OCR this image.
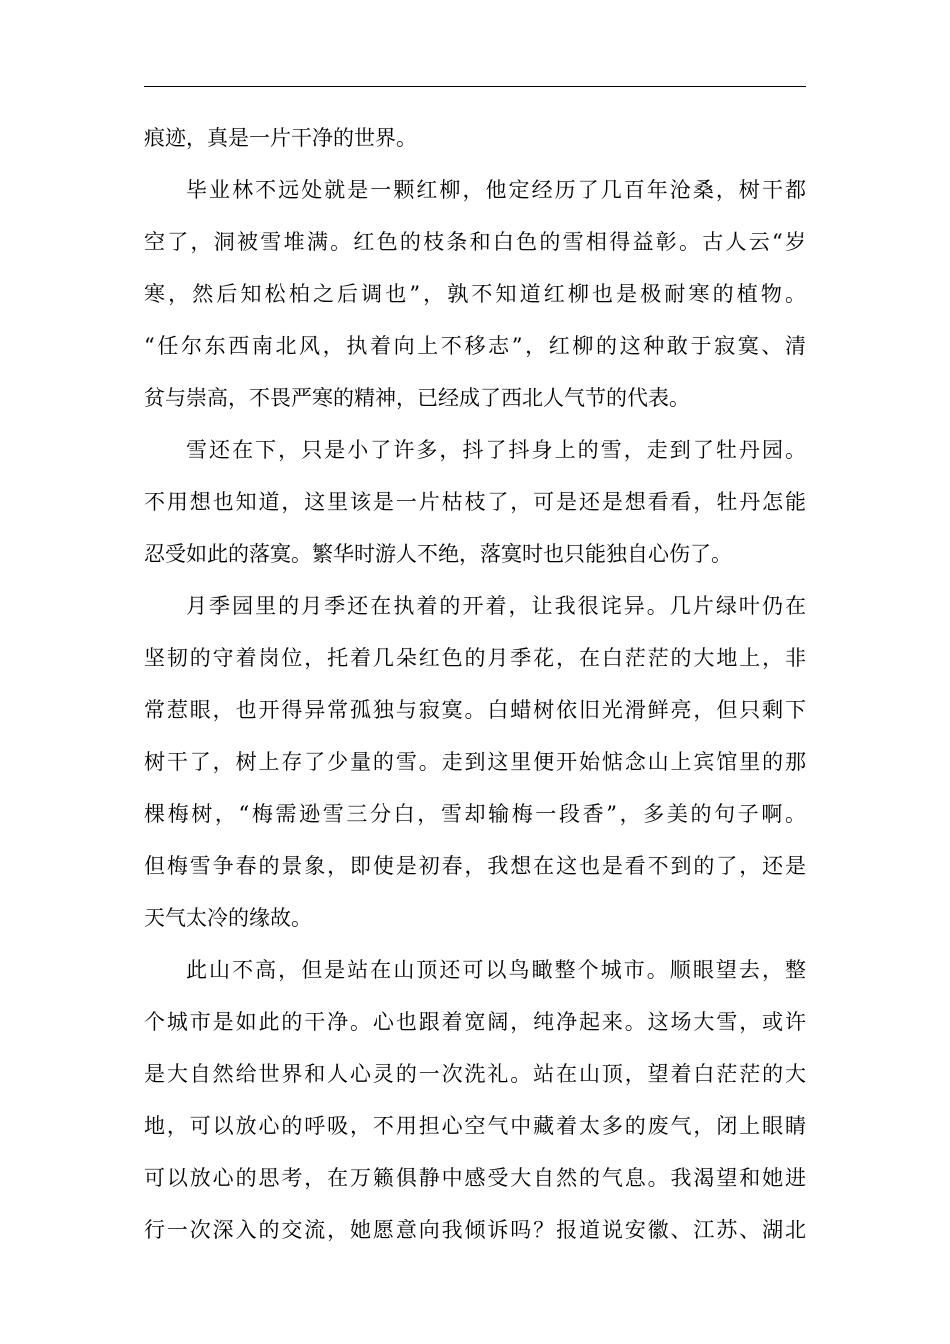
痕迹，真是一片干净的世界。
毕业林不远处就是一颗红柳，他定经历了几百年沧桑，树干都
空了，洞被雪堆满。红色的枝条和白色的雪相得益彰。古人云“岁
寒，然后知松柏之后调也”，孰不知道红柳也是极耐寒的植物。
“任尔东西南北风，执着向上不移志”，红柳的这种敢于寂寞、清
贫与崇高，不畏严寒的精神，已经成了西北人气节的代表。
雪还在下，只是小了许多，抖了抖身上的雪，走到了牡丹园。
不用想也知道，这里该是一片枯枝了，可是还是想看看，牡丹怎能
忍受如此的落寞。繁华时游人不绝，落寞时也只能独自心伤了。
月季园里的月季还在执着的开着，让我很诧异。几片绿叶仍在
坚韧的守着岗位，托着几朵红色的月季花，在白茫茫的大地上，非
常惹眼，也开得异常孤独与寂寞。白蜡树依旧光滑鲜亮，但只剩下
树干了，树上存了少量的雪。走到这里便开始惦念山上宾馆里的那
棵梅树，“梅需逊雪三分白，雪却输梅一段香”，多美的句子啊。
但梅雪争春的景象，即使是初春，我想在这也是看不到的了，还是
天气太冷的缘故。
此山不高，但是站在山顶还可以鸟瞰整个城市。顺眼望去，整
个城市是如此的干净。心也跟着宽阔，纯净起来。这场大雪，或许
是大自然给世界和人心灵的一次洗礼。站在山顶，望着白茫茫的大
地，可以放心的呼吸，不用担心空气中藏着太多的废气，闭上眼睛
可以放心的思考，在万籁俱静中感受大自然的气息。我渴望和她进
行一次深入的交流，她愿意向我倾诉吗？报道说安徽、江苏、湖北
